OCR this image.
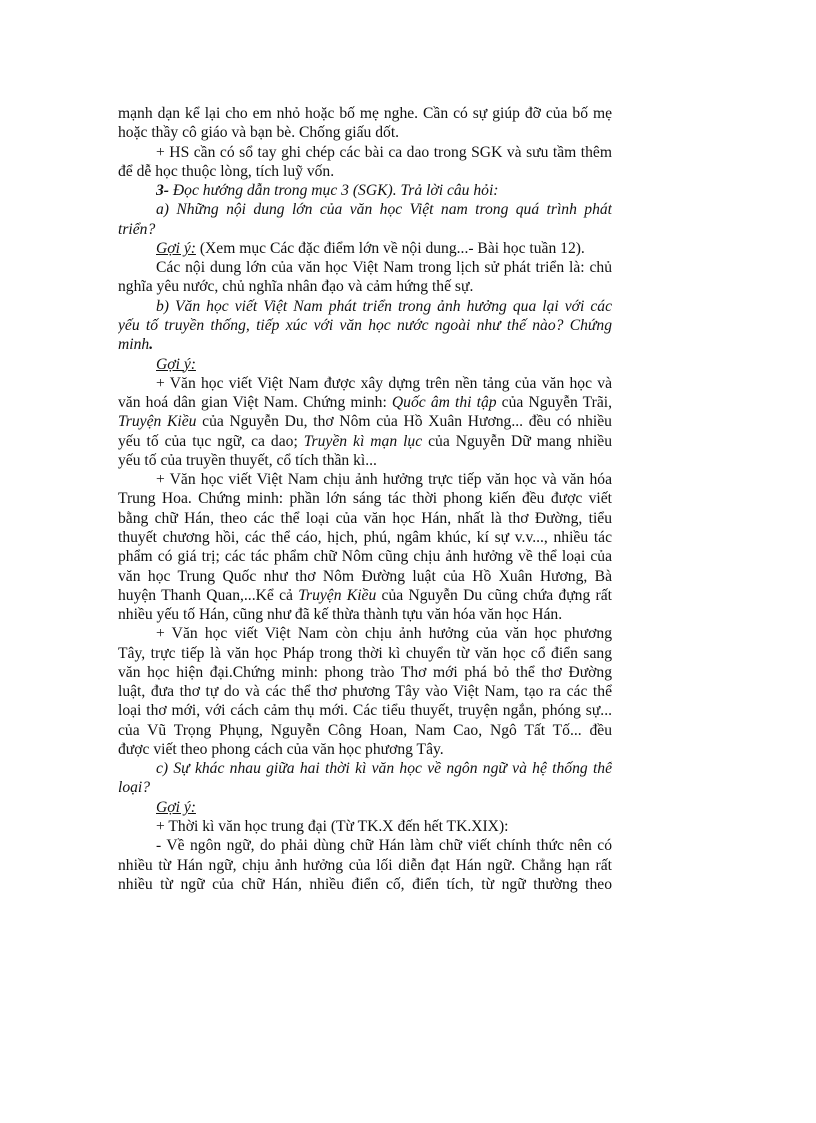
mạnh dạn kể lại cho em nhỏ hoặc bố mẹ nghe. Cần có sự giúp đỡ của bố mẹ
hoặc thầy cô giáo và bạn bè. Chống giấu dốt.
+ HS cần có sổ tay ghi chép các bài ca dao trong SGK và sưu tầm thêm
để dễ học thuộc lòng, tích luỹ vốn.
3- Đọc hướng dẫn trong mục 3 (SGK). Trả lời câu hỏi:
a) Những nội dung lớn của văn học Việt nam trong quá trình phát
triển?
Gợi ý: (Xem mục Các đặc điểm lớn về nội dung...- Bài học tuần 12).
Các nội dung lớn của văn học Việt Nam trong lịch sử phát triển là: chủ
nghĩa yêu nước, chủ nghĩa nhân đạo và cảm hứng thế sự.
b) Văn học viết Việt Nam phát triển trong ảnh hưởng qua lại với các
yếu tố truyền thống, tiếp xúc với văn học nước ngoài như thế nào? Chứng
minh.
Gợi ý:
+ Văn học viết Việt Nam được xây dựng trên nền tảng của văn học và
văn hoá dân gian Việt Nam. Chứng minh: Quốc âm thi tập của Nguyễn Trãi,
Truyện Kiều của Nguyễn Du, thơ Nôm của Hồ Xuân Hương... đều có nhiều
yếu tố của tục ngữ, ca dao; Truyền kì mạn lục của Nguyễn Dữ mang nhiều
yếu tố của truyền thuyết, cổ tích thần kì...
+ Văn học viết Việt Nam chịu ảnh hưởng trực tiếp văn học và văn hóa
Trung Hoa. Chứng minh: phần lớn sáng tác thời phong kiến đều được viết
bằng chữ Hán, theo các thể loại của văn học Hán, nhất là thơ Đường, tiểu
thuyết chương hồi, các thể cáo, hịch, phú, ngâm khúc, kí sự v.v..., nhiều tác
phẩm có giá trị; các tác phẩm chữ Nôm cũng chịu ảnh hưởng về thể loại của
văn học Trung Quốc như thơ Nôm Đường luật của Hồ Xuân Hương, Bà
huyện Thanh Quan,...Kể cả Truyện Kiều của Nguyễn Du cũng chứa đựng rất
nhiều yếu tố Hán, cũng như đã kế thừa thành tựu văn hóa văn học Hán.
+ Văn học viết Việt Nam còn chịu ảnh hưởng của văn học phương
Tây, trực tiếp là văn học Pháp trong thời kì chuyển từ văn học cổ điển sang
văn học hiện đại.Chứng minh: phong trào Thơ mới phá bỏ thể thơ Đường
luật, đưa thơ tự do và các thể thơ phương Tây vào Việt Nam, tạo ra các thể
loại thơ mới, với cách cảm thụ mới. Các tiểu thuyết, truyện ngắn, phóng sự...
của Vũ Trọng Phụng, Nguyễn Công Hoan, Nam Cao, Ngô Tất Tố... đều
được viết theo phong cách của văn học phương Tây.
c) Sự khác nhau giữa hai thời kì văn học về ngôn ngữ và hệ thống thể
loại?
Gợi ý:
+ Thời kì văn học trung đại (Từ TK.X đến hết TK.XIX):
- Về ngôn ngữ, do phải dùng chữ Hán làm chữ viết chính thức nên có
nhiều từ Hán ngữ, chịu ảnh hưởng của lối diễn đạt Hán ngữ. Chẳng hạn rất
nhiều từ ngữ của chữ Hán, nhiều điển cố, điển tích, từ ngữ thường theo
